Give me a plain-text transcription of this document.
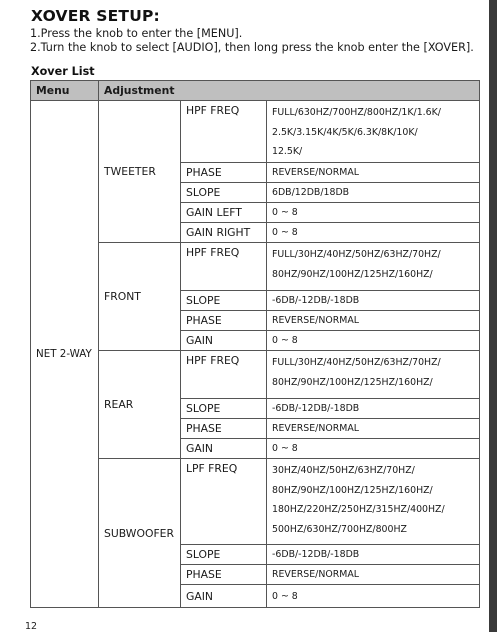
XOVER SETUP:
1.Press the knob to enter the [MENU].
2.Turn the knob to select [AUDIO], then long press the knob enter the [XOVER].
Xover List
Menu	Adjustment		
NET 2-WAY	TWEETER	HPF FREQ	FULL/630HZ/700HZ/800HZ/1K/1.6K/
2.5K/3.15K/4K/5K/6.3K/8K/10K/
12.5K/
		PHASE	REVERSE/NORMAL
		SLOPE	6DB/12DB/18DB
		GAIN LEFT	0 ~ 8
		GAIN RIGHT	0 ~ 8
	FRONT	HPF FREQ	FULL/30HZ/40HZ/50HZ/63HZ/70HZ/
80HZ/90HZ/100HZ/125HZ/160HZ/
		SLOPE	-6DB/-12DB/-18DB
		PHASE	REVERSE/NORMAL
		GAIN	0 ~ 8
	REAR	HPF FREQ	FULL/30HZ/40HZ/50HZ/63HZ/70HZ/
80HZ/90HZ/100HZ/125HZ/160HZ/
		SLOPE	-6DB/-12DB/-18DB
		PHASE	REVERSE/NORMAL
		GAIN	0 ~ 8
	SUBWOOFER	LPF FREQ	30HZ/40HZ/50HZ/63HZ/70HZ/
80HZ/90HZ/100HZ/125HZ/160HZ/
180HZ/220HZ/250HZ/315HZ/400HZ/
500HZ/630HZ/700HZ/800HZ
		SLOPE	-6DB/-12DB/-18DB
		PHASE	REVERSE/NORMAL
		GAIN	0 ~ 8
12
